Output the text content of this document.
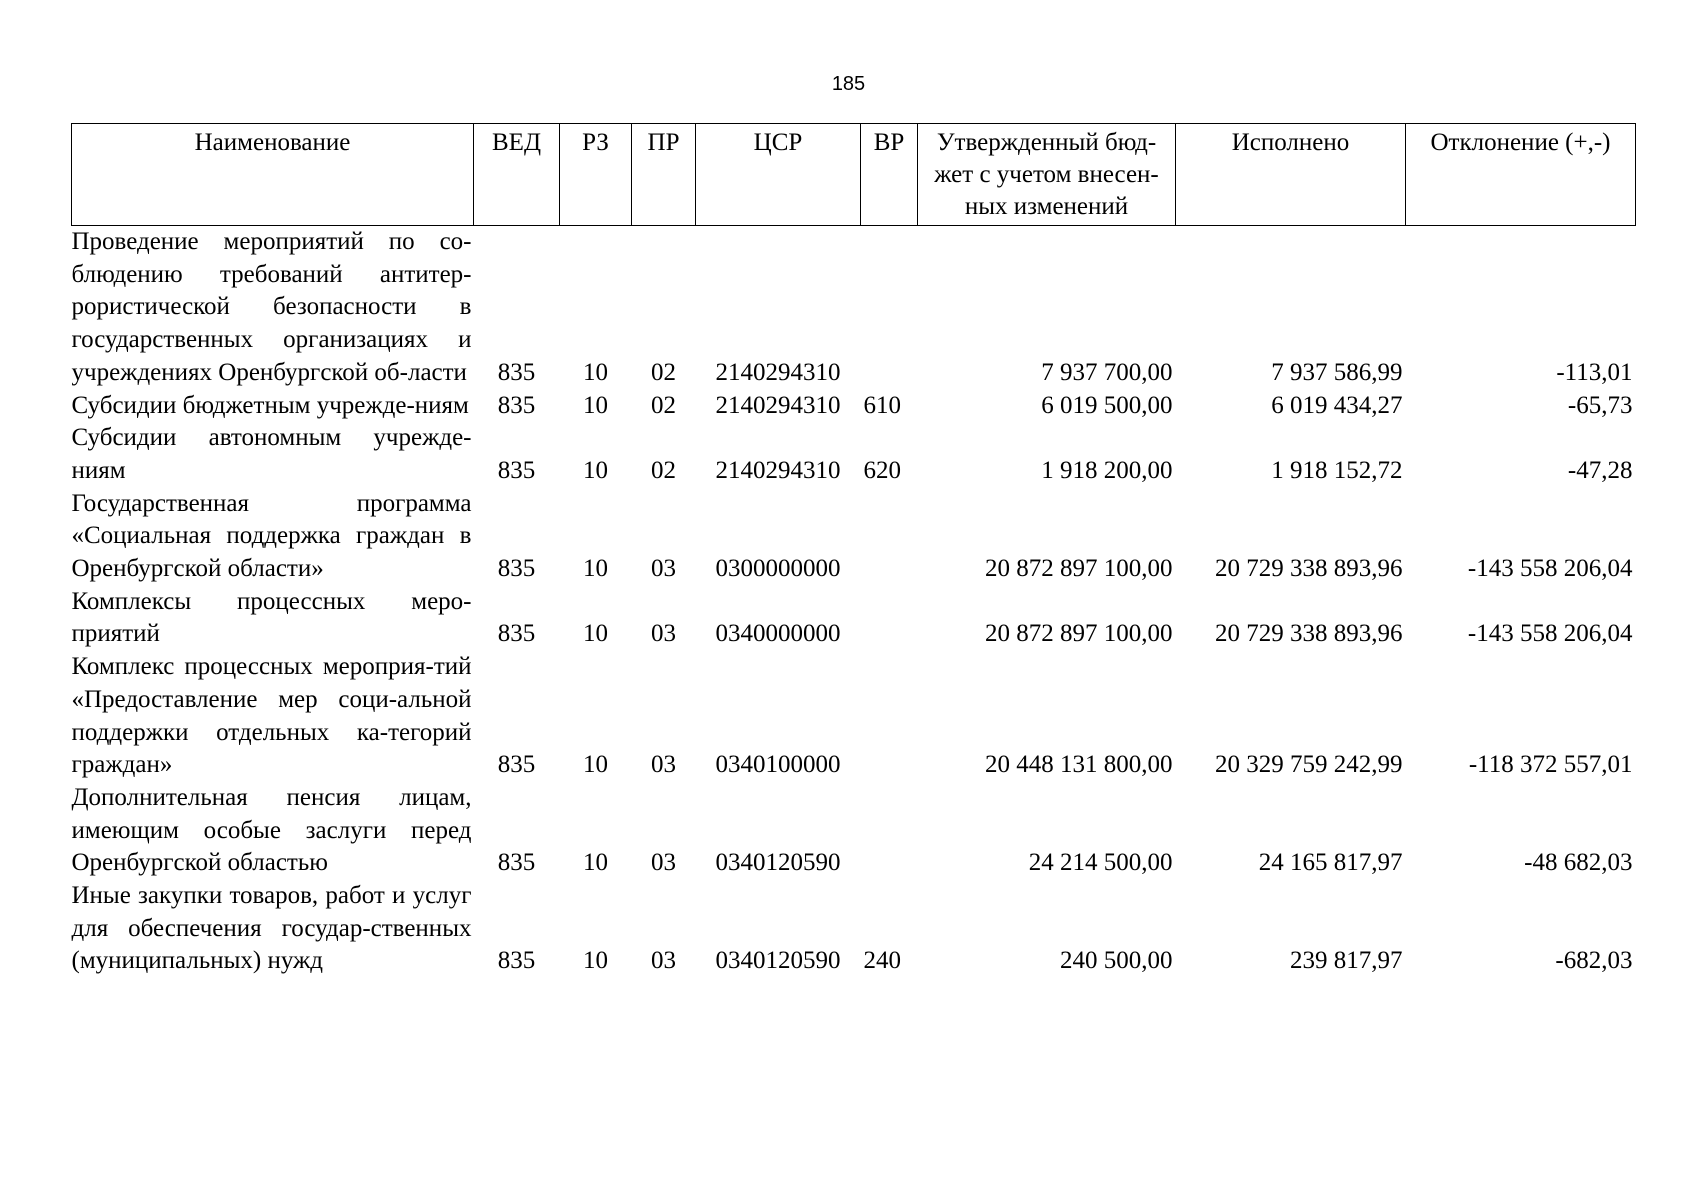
185
Наименование	ВЕД	РЗ	ПР	ЦСР	ВР	Утвержденный бюд-жет с учетом внесен-ных изменений	Исполнено	Отклонение (+,-)
Проведение мероприятий по со-блюдению требований антитер-рористической безопасности в государственных организациях и учреждениях Оренбургской об-ласти	835	10	02	2140294310		7 937 700,00	7 937 586,99	-113,01
Субсидии бюджетным учрежде-ниям	835	10	02	2140294310	610	6 019 500,00	6 019 434,27	-65,73
Субсидии автономным учрежде-ниям	835	10	02	2140294310	620	1 918 200,00	1 918 152,72	-47,28
Государственная программа «Социальная поддержка граждан в Оренбургской области»	835	10	03	0300000000		20 872 897 100,00	20 729 338 893,96	-143 558 206,04
Комплексы процессных меро-приятий	835	10	03	0340000000		20 872 897 100,00	20 729 338 893,96	-143 558 206,04
Комплекс процессных мероприя-тий «Предоставление мер соци-альной поддержки отдельных ка-тегорий граждан»	835	10	03	0340100000		20 448 131 800,00	20 329 759 242,99	-118 372 557,01
Дополнительная пенсия лицам, имеющим особые заслуги перед Оренбургской областью	835	10	03	0340120590		24 214 500,00	24 165 817,97	-48 682,03
Иные закупки товаров, работ и услуг для обеспечения государ-ственных (муниципальных) нужд	835	10	03	0340120590	240	240 500,00	239 817,97	-682,03
